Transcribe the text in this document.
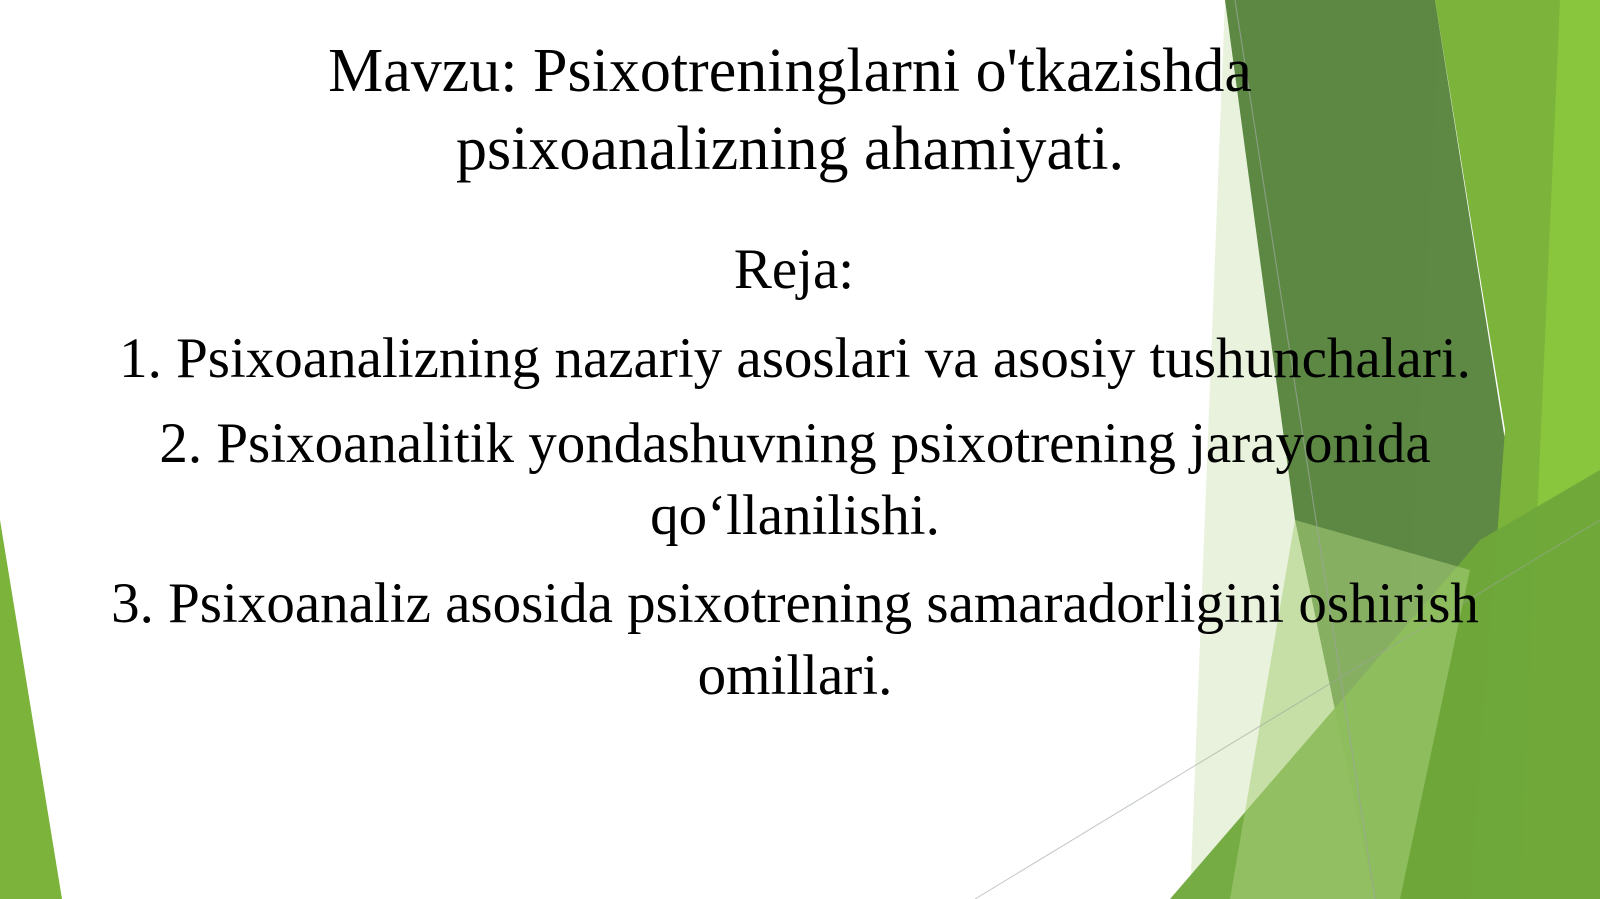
Mavzu: Psixotreninglarni o'tkazishda psixoanalizning ahamiyati.

Reja:

1. Psixoanalizning nazariy asoslari va asosiy tushunchalari.
2. Psixoanalitik yondashuvning psixotrening jarayonida qo‘llanilishi.
3. Psixoanaliz asosida psixotrening samaradorligini oshirish omillari.
